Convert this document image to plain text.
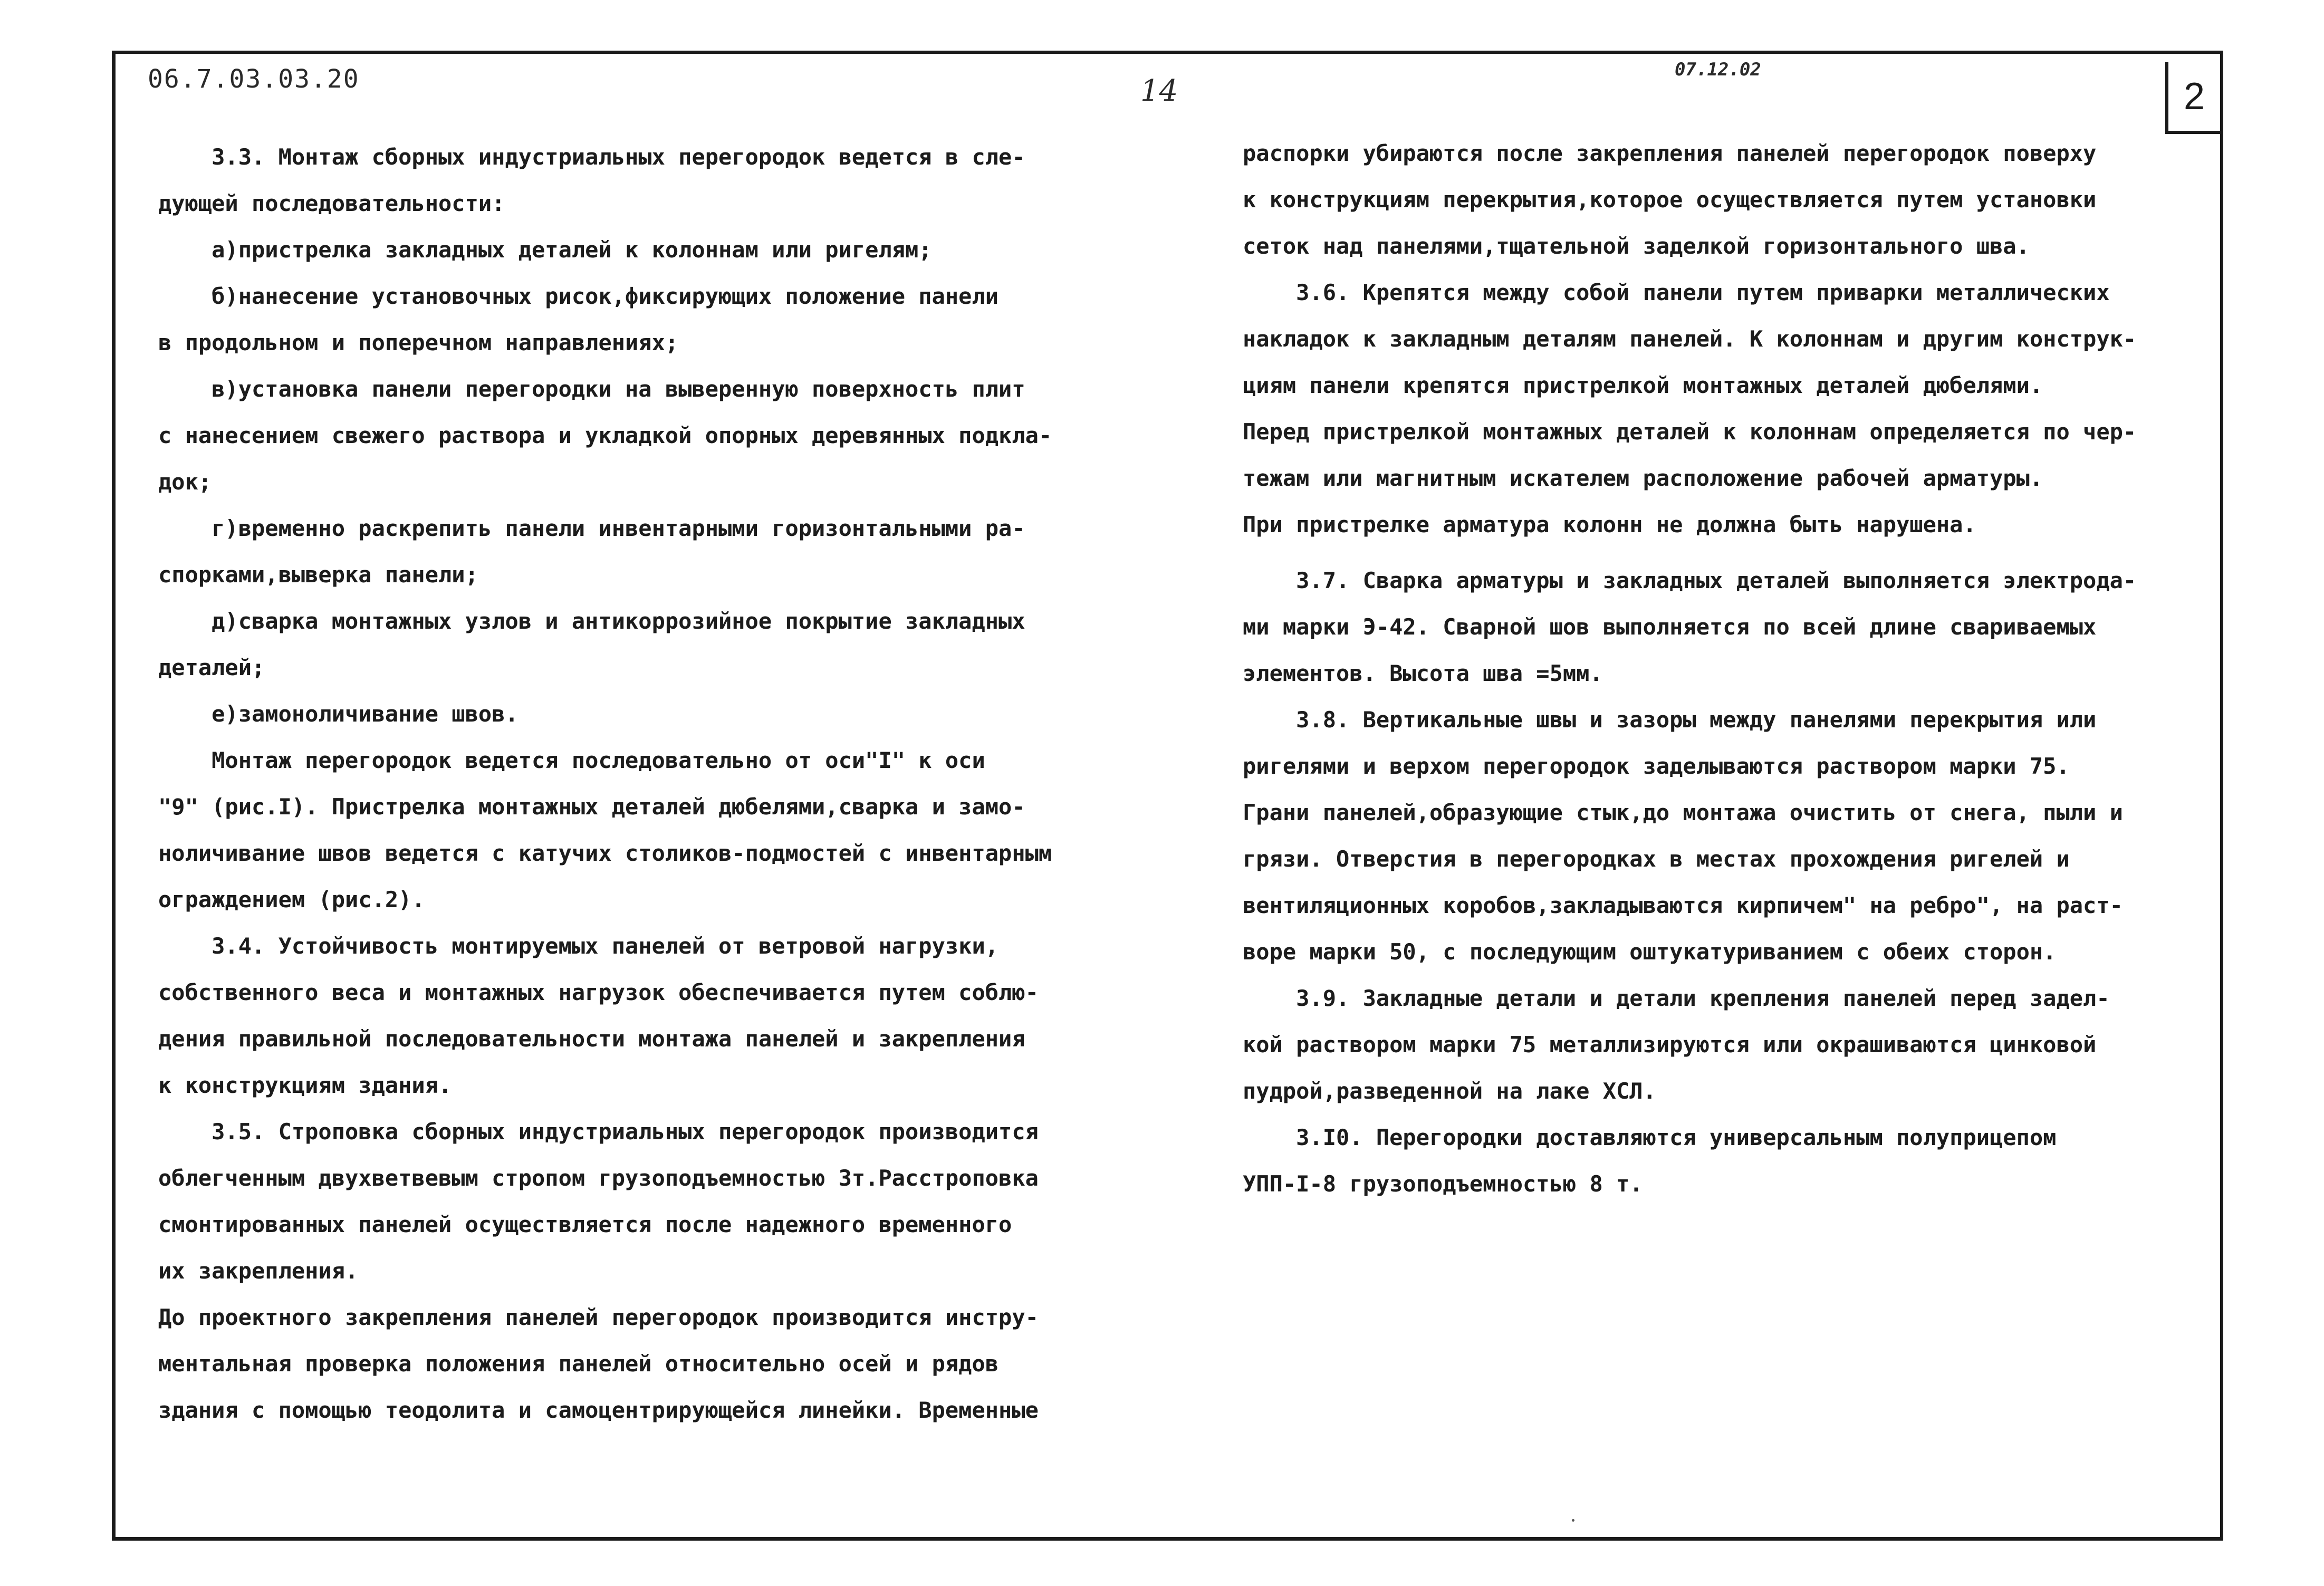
06.7.03.03.20	14
07.12.02
2

3.3. Монтаж сборных индустриальных перегородок ведется в сле-

дующей последовательности:

а)пристрелка закладных деталей к колоннам или ригелям;

б)нанесение установочных рисок,фиксирующих положение панели

в продольном и поперечном направлениях;

в)установка панели перегородки на выверенную поверхность плит

с нанесением свежего раствора и укладкой опорных деревянных подкла-

док;

г)временно раскрепить панели инвентарными горизонтальными ра-

спорками,выверка панели;

д)сварка монтажных узлов и антикоррозийное покрытие закладных

деталей;

е)замоноличивание швов.

Монтаж перегородок ведется последовательно от оси"I" к оси

"9" (рис.I). Пристрелка монтажных деталей дюбелями,сварка и замо-

ноличивание швов ведется с катучих столиков-подмостей с инвентарным

ограждением (рис.2).

3.4. Устойчивость монтируемых панелей от ветровой нагрузки,

собственного веса и монтажных нагрузок обеспечивается путем соблю-

дения правильной последовательности монтажа панелей и закрепления

к конструкциям здания.

3.5. Строповка сборных индустриальных перегородок производится

облегченным двухветвевым стропом грузоподъемностью 3т.Расстроповка

смонтированных панелей осуществляется после надежного временного

их закрепления.

До проектного закрепления панелей перегородок производится инстру-

ментальная проверка положения панелей относительно осей и рядов

здания с помощью теодолита и самоцентрирующейся линейки. Временные

распорки убираются после закрепления панелей перегородок поверху

к конструкциям перекрытия,которое осуществляется путем установки

сеток над панелями,тщательной заделкой горизонтального шва.

3.6. Крепятся между собой панели путем приварки металлических

накладок к закладным деталям панелей. К колоннам и другим конструк-

циям панели крепятся пристрелкой монтажных деталей дюбелями.

Перед пристрелкой монтажных деталей к колоннам определяется по чер-

тежам или магнитным искателем расположение рабочей арматуры.

При пристрелке арматура колонн не должна быть нарушена.

3.7. Сварка арматуры и закладных деталей выполняется электрода-

ми марки Э-42. Сварной шов выполняется по всей длине свариваемых

элементов. Высота шва =5мм.

3.8. Вертикальные швы и зазоры между панелями перекрытия или

ригелями и верхом перегородок заделываются раствором марки 75.

Грани панелей,образующие стык,до монтажа очистить от снега, пыли и

грязи. Отверстия в перегородках в местах прохождения ригелей и

вентиляционных коробов,закладываются кирпичем" на ребро", на раст-

воре марки 50, с последующим оштукатуриванием с обеих сторон.

3.9. Закладные детали и детали крепления панелей перед задел-

кой раствором марки 75 металлизируются или окрашиваются цинковой

пудрой,разведенной на лаке ХСЛ.

3.I0. Перегородки доставляются универсальным полуприцепом

УПП-I-8 грузоподъемностью 8 т.
